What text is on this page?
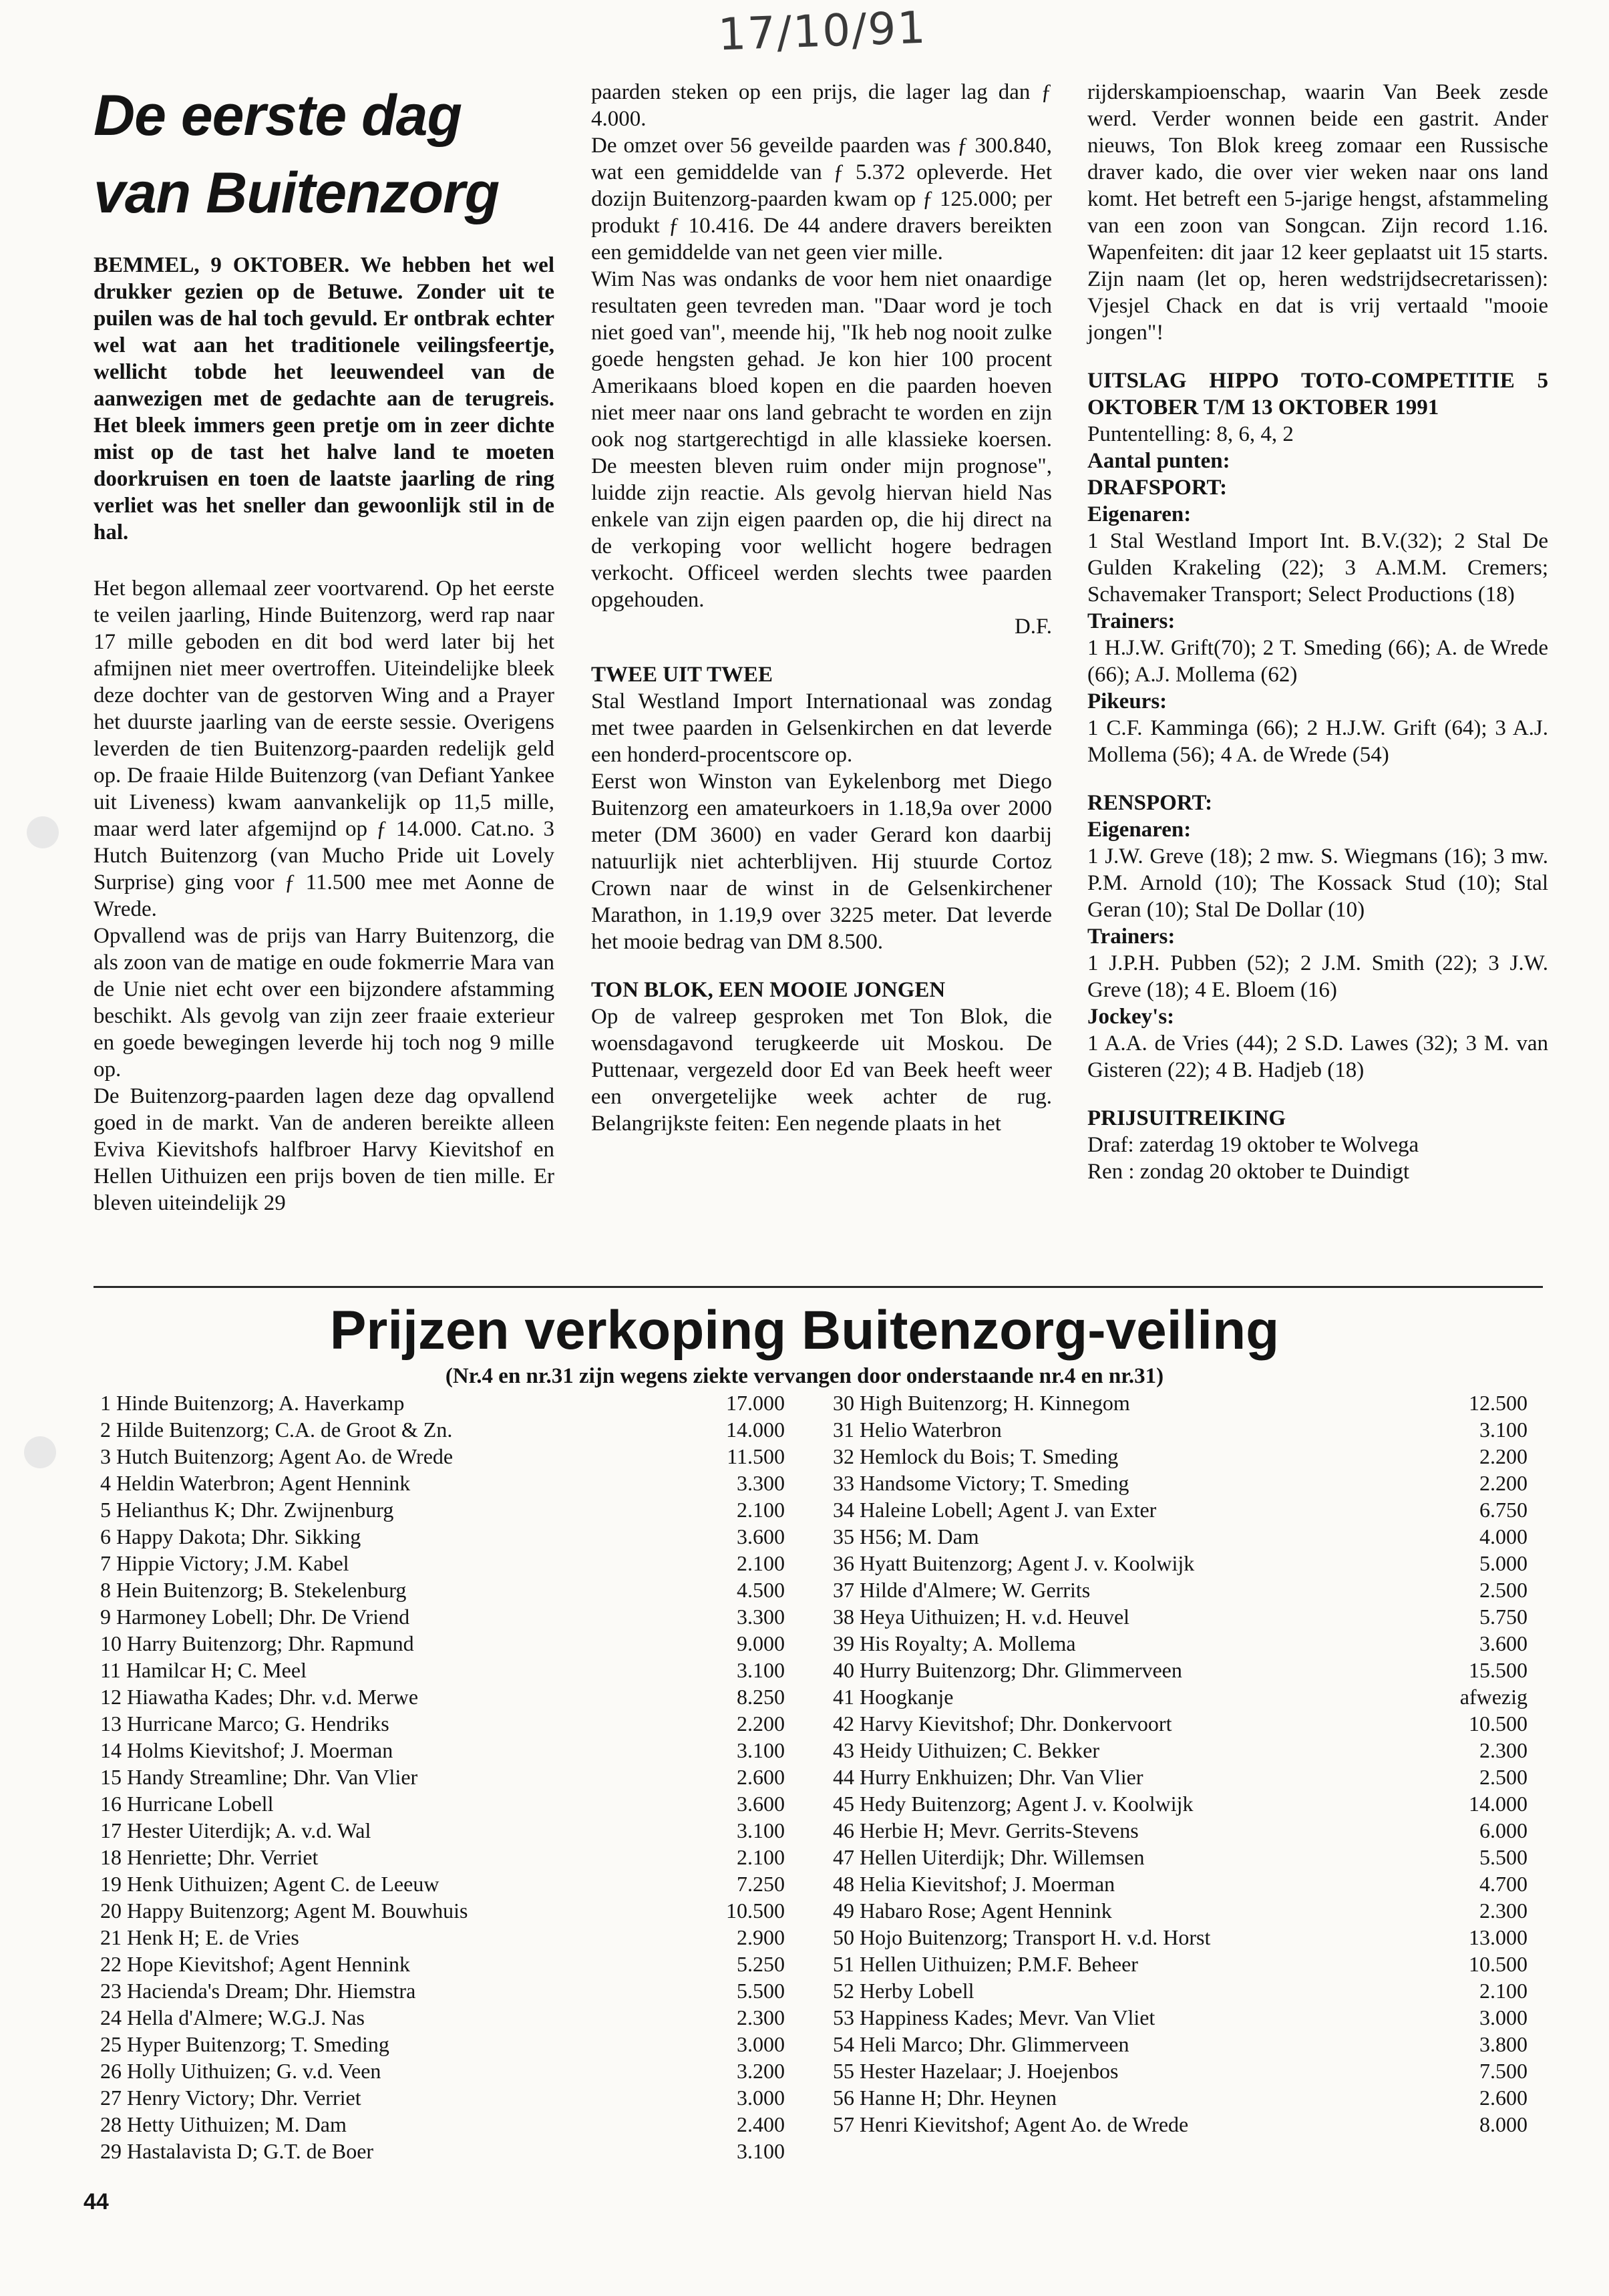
17/10/91
De eerste dag
van Buitenzorg

BEMMEL, 9 OKTOBER. We hebben het wel drukker gezien op de Betuwe. Zonder uit te puilen was de hal toch gevuld. Er ontbrak echter wel wat aan het traditionele veilingsfeertje, wellicht tobde het leeuwendeel van de aanwezigen met de gedachte aan de terugreis. Het bleek immers geen pretje om in zeer dichte mist op de tast het halve land te moeten doorkruisen en toen de laatste jaarling de ring verliet was het sneller dan gewoonlijk stil in de hal.

Het begon allemaal zeer voortvarend. Op het eerste te veilen jaarling, Hinde Buitenzorg, werd rap naar 17 mille geboden en dit bod werd later bij het afmijnen niet meer overtroffen. Uiteindelijke bleek deze dochter van de gestorven Wing and a Prayer het duurste jaarling van de eerste sessie. Overigens leverden de tien Buitenzorg-paarden redelijk geld op. De fraaie Hilde Buitenzorg (van Defiant Yankee uit Liveness) kwam aanvankelijk op 11,5 mille, maar werd later afgemijnd op ƒ 14.000. Cat.no. 3 Hutch Buitenzorg (van Mucho Pride uit Lovely Surprise) ging voor ƒ 11.500 mee met Aonne de Wrede.

Opvallend was de prijs van Harry Buitenzorg, die als zoon van de matige en oude fokmerrie Mara van de Unie niet echt over een bijzondere afstamming beschikt. Als gevolg van zijn zeer fraaie exterieur en goede bewegingen leverde hij toch nog 9 mille op.

De Buitenzorg-paarden lagen deze dag opvallend goed in de markt. Van de anderen bereikte alleen Eviva Kievitshofs halfbroer Harvy Kievitshof en Hellen Uithuizen een prijs boven de tien mille. Er bleven uiteindelijk 29

paarden steken op een prijs, die lager lag dan ƒ 4.000.

De omzet over 56 geveilde paarden was ƒ 300.840, wat een gemiddelde van ƒ 5.372 opleverde. Het dozijn Buitenzorg-paarden kwam op ƒ 125.000; per produkt ƒ 10.416. De 44 andere dravers bereikten een gemiddelde van net geen vier mille.

Wim Nas was ondanks de voor hem niet onaardige resultaten geen tevreden man. "Daar word je toch niet goed van", meende hij, "Ik heb nog nooit zulke goede hengsten gehad. Je kon hier 100 procent Amerikaans bloed kopen en die paarden hoeven niet meer naar ons land gebracht te worden en zijn ook nog startgerechtigd in alle klassieke koersen. De meesten bleven ruim onder mijn prognose", luidde zijn reactie. Als gevolg hiervan hield Nas enkele van zijn eigen paarden op, die hij direct na de verkoping voor wellicht hogere bedragen verkocht. Officeel werden slechts twee paarden opgehouden.

D.F.

TWEE UIT TWEE

Stal Westland Import Internationaal was zondag met twee paarden in Gelsenkirchen en dat leverde een honderd-procentscore op.

Eerst won Winston van Eykelenborg met Diego Buitenzorg een amateurkoers in 1.18,9a over 2000 meter (DM 3600) en vader Gerard kon daarbij natuurlijk niet achterblijven. Hij stuurde Cortoz Crown naar de winst in de Gelsenkirchener Marathon, in 1.19,9 over 3225 meter. Dat leverde het mooie bedrag van DM 8.500.

TON BLOK, EEN MOOIE JONGEN

Op de valreep gesproken met Ton Blok, die woensdagavond terugkeerde uit Moskou. De Puttenaar, vergezeld door Ed van Beek heeft weer een onvergetelijke week achter de rug. Belangrijkste feiten: Een negende plaats in het

rijderskampioenschap, waarin Van Beek zesde werd. Verder wonnen beide een gastrit. Ander nieuws, Ton Blok kreeg zomaar een Russische draver kado, die over vier weken naar ons land komt. Het betreft een 5-jarige hengst, afstammeling van een zoon van Songcan. Zijn record 1.16. Wapenfeiten: dit jaar 12 keer geplaatst uit 15 starts. Zijn naam (let op, heren wedstrijdsecretarissen): Vjesjel Chack en dat is vrij vertaald "mooie jongen"!

UITSLAG HIPPO TOTO-COMPETITIE 5 OKTOBER T/M 13 OKTOBER 1991

Puntentelling: 8, 6, 4, 2

Aantal punten:

DRAFSPORT:

Eigenaren:

1 Stal Westland Import Int. B.V.(32); 2 Stal De Gulden Krakeling (22); 3 A.M.M. Cremers; Schavemaker Transport; Select Productions (18)

Trainers:

1 H.J.W. Grift(70); 2 T. Smeding (66); A. de Wrede (66); A.J. Mollema (62)

Pikeurs:

1 C.F. Kamminga (66); 2 H.J.W. Grift (64); 3 A.J. Mollema (56); 4 A. de Wrede (54)

RENSPORT:

Eigenaren:

1 J.W. Greve (18); 2 mw. S. Wiegmans (16); 3 mw. P.M. Arnold (10); The Kossack Stud (10); Stal Geran (10); Stal De Dollar (10)

Trainers:

1 J.P.H. Pubben (52); 2 J.M. Smith (22); 3 J.W. Greve (18); 4 E. Bloem (16)

Jockey's:

1 A.A. de Vries (44); 2 S.D. Lawes (32); 3 M. van Gisteren (22); 4 B. Hadjeb (18)

PRIJSUITREIKING

Draf: zaterdag 19 oktober te Wolvega

Ren : zondag 20 oktober te Duindigt

Prijzen verkoping Buitenzorg-veiling
(Nr.4 en nr.31 zijn wegens ziekte vervangen door onderstaande nr.4 en nr.31)
1 Hinde Buitenzorg; A. Haverkamp	17.000
2 Hilde Buitenzorg; C.A. de Groot & Zn.	14.000
3 Hutch Buitenzorg; Agent Ao. de Wrede	11.500
4 Heldin Waterbron; Agent Hennink	3.300
5 Helianthus K; Dhr. Zwijnenburg	2.100
6 Happy Dakota; Dhr. Sikking	3.600
7 Hippie Victory; J.M. Kabel	2.100
8 Hein Buitenzorg; B. Stekelenburg	4.500
9 Harmoney Lobell; Dhr. De Vriend	3.300
10 Harry Buitenzorg; Dhr. Rapmund	9.000
11 Hamilcar H; C. Meel	3.100
12 Hiawatha Kades; Dhr. v.d. Merwe	8.250
13 Hurricane Marco; G. Hendriks	2.200
14 Holms Kievitshof; J. Moerman	3.100
15 Handy Streamline; Dhr. Van Vlier	2.600
16 Hurricane Lobell	3.600
17 Hester Uiterdijk; A. v.d. Wal	3.100
18 Henriette; Dhr. Verriet	2.100
19 Henk Uithuizen; Agent C. de Leeuw	7.250
20 Happy Buitenzorg; Agent M. Bouwhuis	10.500
21 Henk H; E. de Vries	2.900
22 Hope Kievitshof; Agent Hennink	5.250
23 Hacienda's Dream; Dhr. Hiemstra	5.500
24 Hella d'Almere; W.G.J. Nas	2.300
25 Hyper Buitenzorg; T. Smeding	3.000
26 Holly Uithuizen; G. v.d. Veen	3.200
27 Henry Victory; Dhr. Verriet	3.000
28 Hetty Uithuizen; M. Dam	2.400
29 Hastalavista D; G.T. de Boer	3.100
30 High Buitenzorg; H. Kinnegom	12.500
31 Helio Waterbron	3.100
32 Hemlock du Bois; T. Smeding	2.200
33 Handsome Victory; T. Smeding	2.200
34 Haleine Lobell; Agent J. van Exter	6.750
35 H56; M. Dam	4.000
36 Hyatt Buitenzorg; Agent J. v. Koolwijk	5.000
37 Hilde d'Almere; W. Gerrits	2.500
38 Heya Uithuizen; H. v.d. Heuvel	5.750
39 His Royalty; A. Mollema	3.600
40 Hurry Buitenzorg; Dhr. Glimmerveen	15.500
41 Hoogkanje	afwezig
42 Harvy Kievitshof; Dhr. Donkervoort	10.500
43 Heidy Uithuizen; C. Bekker	2.300
44 Hurry Enkhuizen; Dhr. Van Vlier	2.500
45 Hedy Buitenzorg; Agent J. v. Koolwijk	14.000
46 Herbie H; Mevr. Gerrits-Stevens	6.000
47 Hellen Uiterdijk; Dhr. Willemsen	5.500
48 Helia Kievitshof; J. Moerman	4.700
49 Habaro Rose; Agent Hennink	2.300
50 Hojo Buitenzorg; Transport H. v.d. Horst	13.000
51 Hellen Uithuizen; P.M.F. Beheer	10.500
52 Herby Lobell	2.100
53 Happiness Kades; Mevr. Van Vliet	3.000
54 Heli Marco; Dhr. Glimmerveen	3.800
55 Hester Hazelaar; J. Hoejenbos	7.500
56 Hanne H; Dhr. Heynen	2.600
57 Henri Kievitshof; Agent Ao. de Wrede	8.000
44
